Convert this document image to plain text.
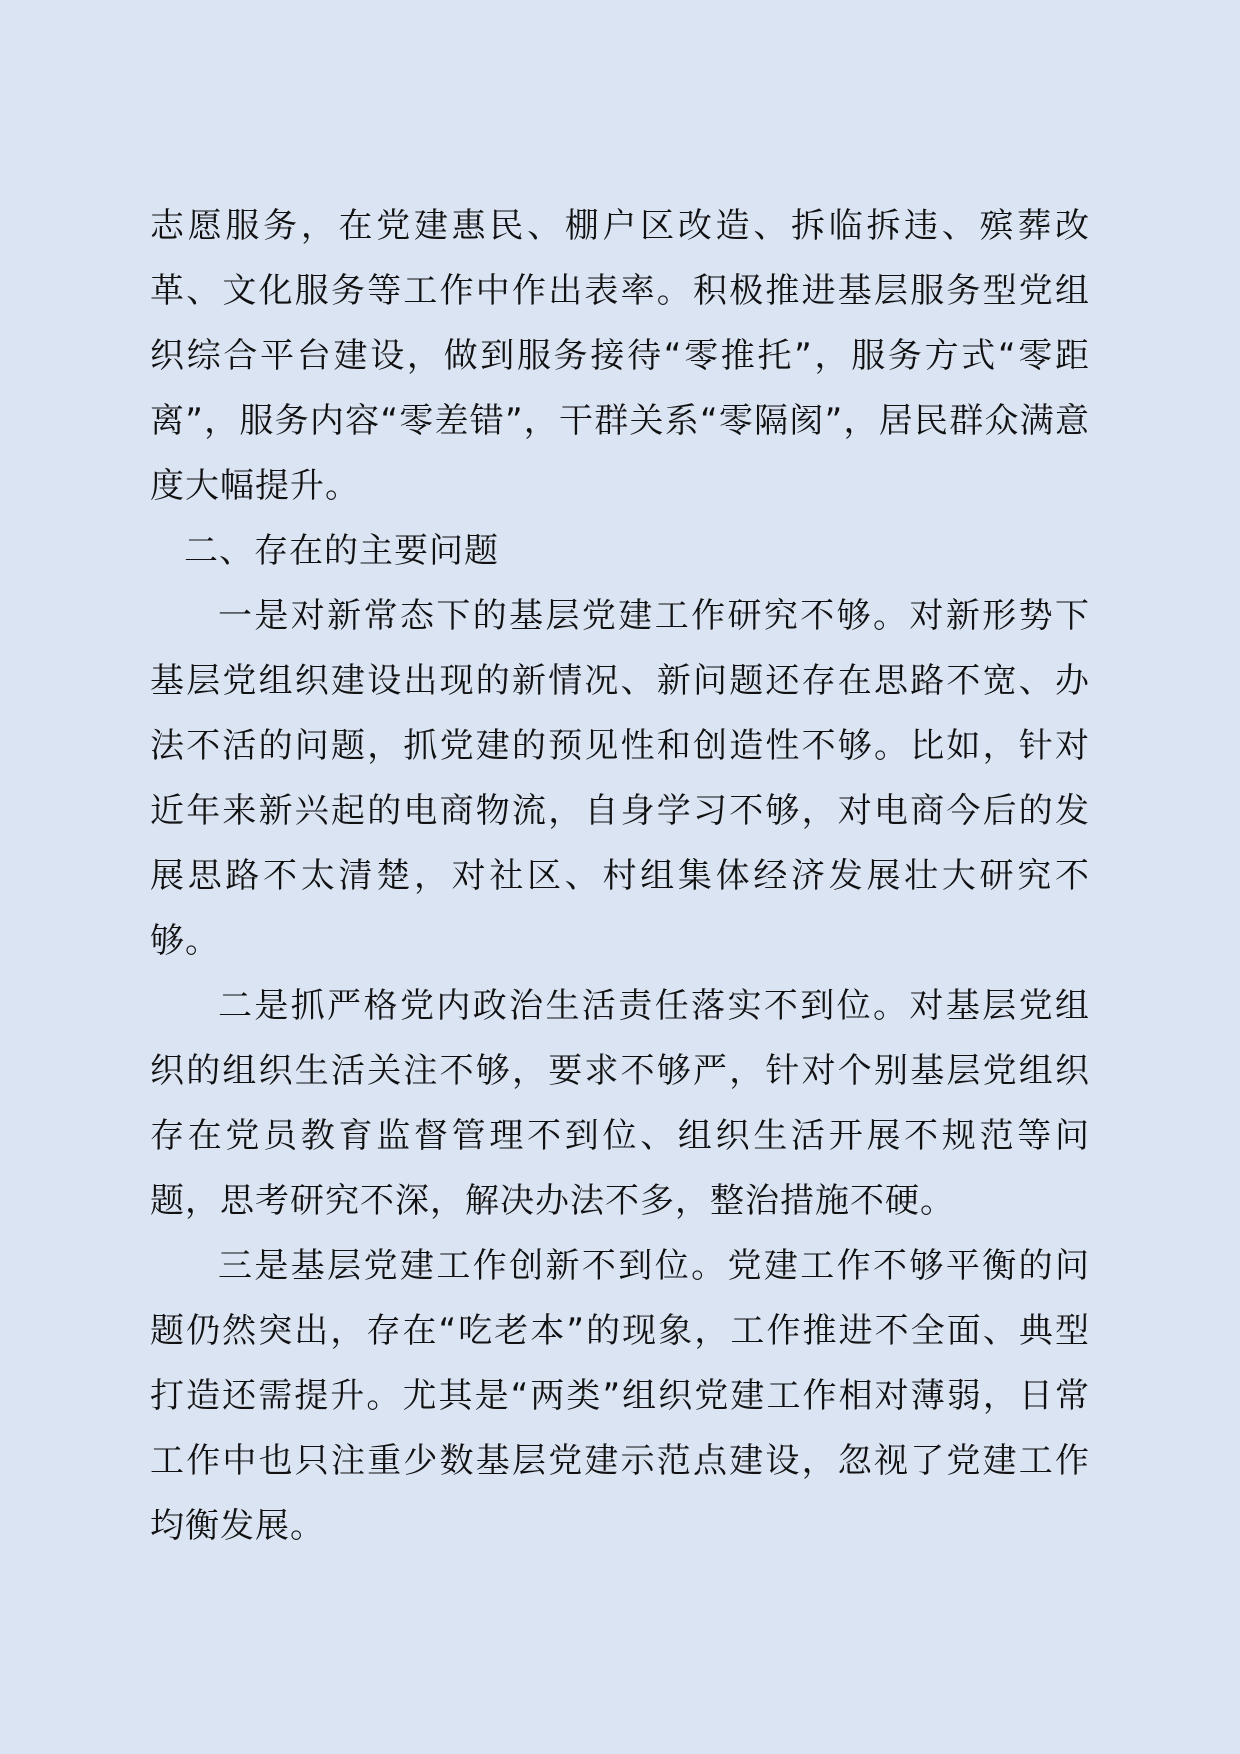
志愿服务，在党建惠民、棚户区改造、拆临拆违、殡葬改革、文化服务等工作中作出表率。积极推进基层服务型党组织综合平台建设，做到服务接待“零推托”，服务方式“零距离”，服务内容“零差错”，干群关系“零隔阂”，居民群众满意度大幅提升。

二、存在的主要问题

一是对新常态下的基层党建工作研究不够。对新形势下基层党组织建设出现的新情况、新问题还存在思路不宽、办法不活的问题，抓党建的预见性和创造性不够。比如，针对近年来新兴起的电商物流，自身学习不够，对电商今后的发展思路不太清楚，对社区、村组集体经济发展壮大研究不够。

二是抓严格党内政治生活责任落实不到位。对基层党组织的组织生活关注不够，要求不够严，针对个别基层党组织存在党员教育监督管理不到位、组织生活开展不规范等问题，思考研究不深，解决办法不多，整治措施不硬。

三是基层党建工作创新不到位。党建工作不够平衡的问题仍然突出，存在“吃老本”的现象，工作推进不全面、典型打造还需提升。尤其是“两类”组织党建工作相对薄弱，日常工作中也只注重少数基层党建示范点建设，忽视了党建工作均衡发展。
